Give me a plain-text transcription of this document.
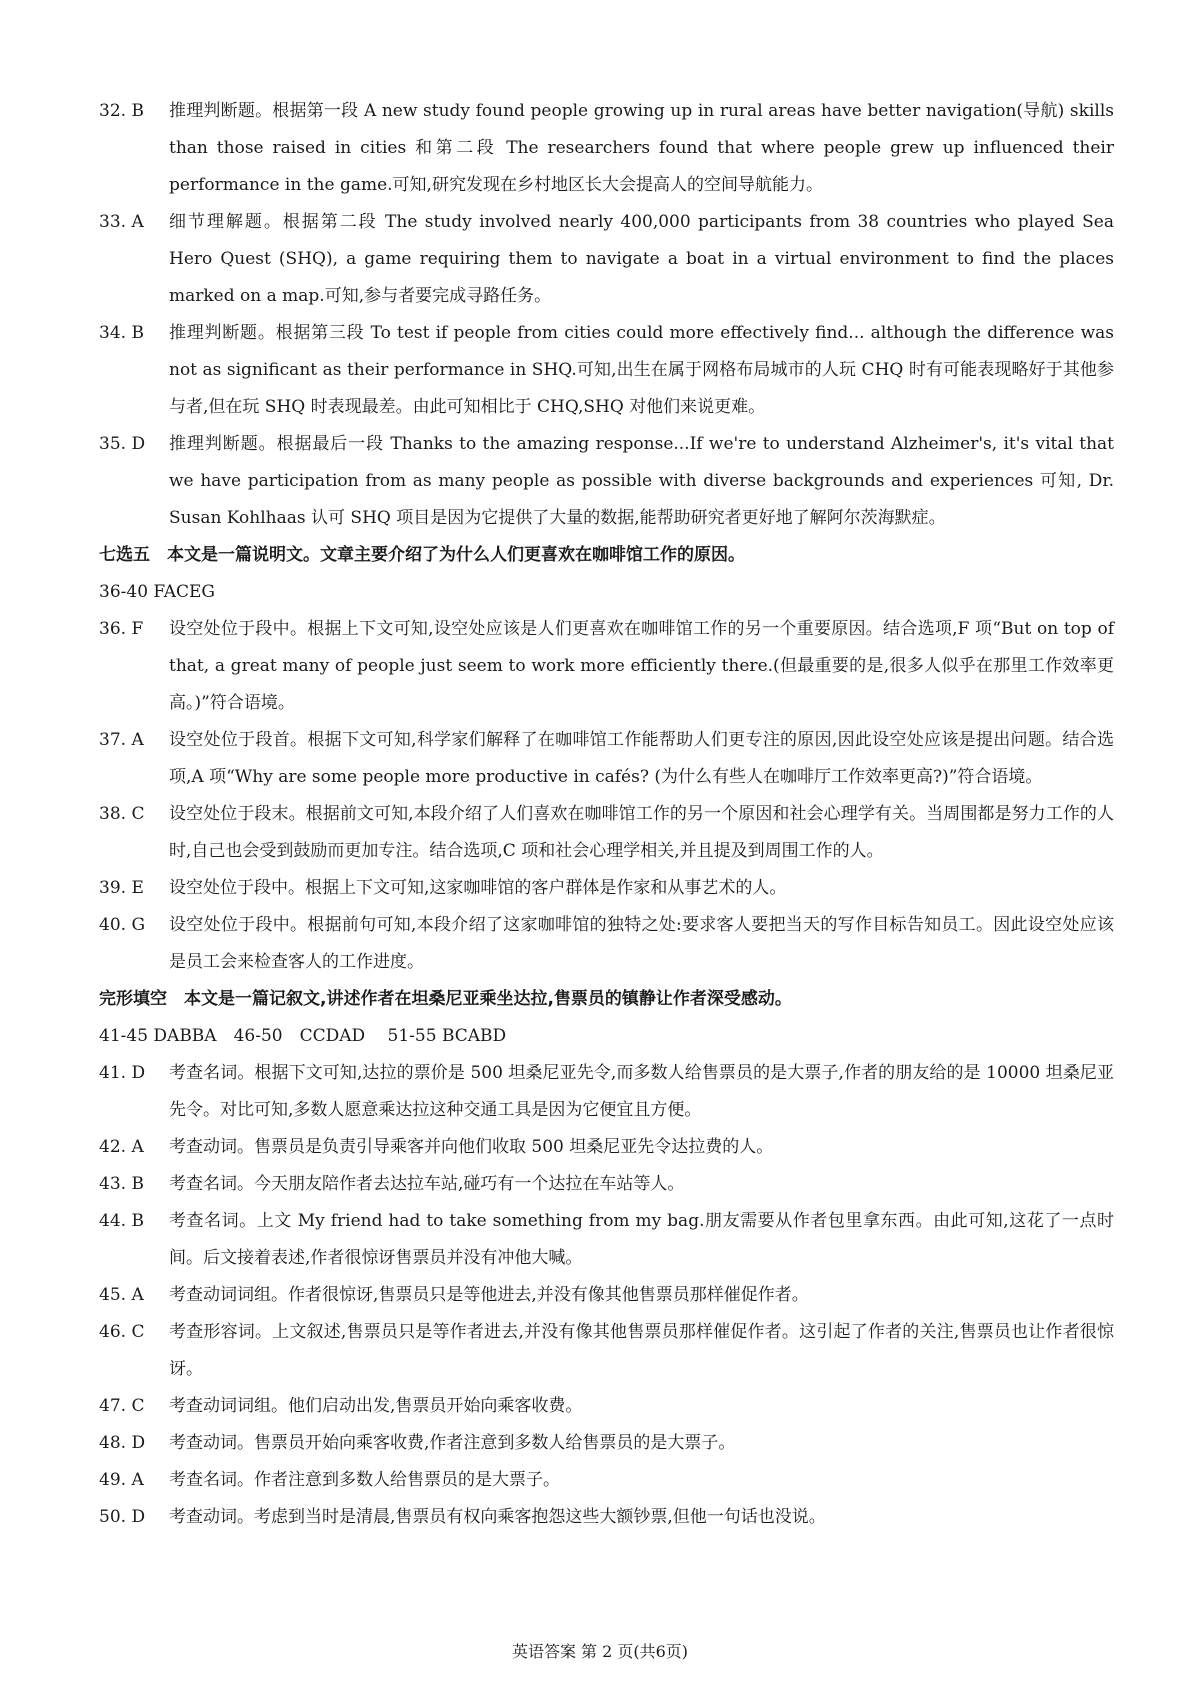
32. B	推理判断题。根据第一段 A new study found people growing up in rural areas have better navigation(导航) skills than those raised in cities 和第二段 The researchers found that where people grew up influenced their performance in the game.可知,研究发现在乡村地区长大会提高人的空间导航能力。
33. A	细节理解题。根据第二段 The study involved nearly 400,000 participants from 38 countries who played Sea Hero Quest (SHQ), a game requiring them to navigate a boat in a virtual environment to find the places marked on a map.可知,参与者要完成寻路任务。
34. B	推理判断题。根据第三段 To test if people from cities could more effectively find... although the difference was not as significant as their performance in SHQ.可知,出生在属于网格布局城市的人玩 CHQ 时有可能表现略好于其他参与者,但在玩 SHQ 时表现最差。由此可知相比于 CHQ,SHQ 对他们来说更难。
35. D	推理判断题。根据最后一段 Thanks to the amazing response...If we're to understand Alzheimer's, it's vital that we have participation from as many people as possible with diverse backgrounds and experiences 可知, Dr. Susan Kohlhaas 认可 SHQ 项目是因为它提供了大量的数据,能帮助研究者更好地了解阿尔茨海默症。

七选五　本文是一篇说明文。文章主要介绍了为什么人们更喜欢在咖啡馆工作的原因。

36-40 FACEG

36. F	设空处位于段中。根据上下文可知,设空处应该是人们更喜欢在咖啡馆工作的另一个重要原因。结合选项,F 项“But on top of that, a great many of people just seem to work more efficiently there.(但最重要的是,很多人似乎在那里工作效率更高。)”符合语境。
37. A	设空处位于段首。根据下文可知,科学家们解释了在咖啡馆工作能帮助人们更专注的原因,因此设空处应该是提出问题。结合选项,A 项“Why are some people more productive in cafés? (为什么有些人在咖啡厅工作效率更高?)”符合语境。
38. C	设空处位于段末。根据前文可知,本段介绍了人们喜欢在咖啡馆工作的另一个原因和社会心理学有关。当周围都是努力工作的人时,自己也会受到鼓励而更加专注。结合选项,C 项和社会心理学相关,并且提及到周围工作的人。
39. E	设空处位于段中。根据上下文可知,这家咖啡馆的客户群体是作家和从事艺术的人。
40. G	设空处位于段中。根据前句可知,本段介绍了这家咖啡馆的独特之处:要求客人要把当天的写作目标告知员工。因此设空处应该是员工会来检查客人的工作进度。

完形填空　本文是一篇记叙文,讲述作者在坦桑尼亚乘坐达拉,售票员的镇静让作者深受感动。

41-45 DABBA　46-50　CCDAD　 51-55 BCABD

41. D	考查名词。根据下文可知,达拉的票价是 500 坦桑尼亚先令,而多数人给售票员的是大票子,作者的朋友给的是 10000 坦桑尼亚先令。对比可知,多数人愿意乘达拉这种交通工具是因为它便宜且方便。
42. A	考查动词。售票员是负责引导乘客并向他们收取 500 坦桑尼亚先令达拉费的人。
43. B	考查名词。今天朋友陪作者去达拉车站,碰巧有一个达拉在车站等人。
44. B	考查名词。上文 My friend had to take something from my bag.朋友需要从作者包里拿东西。由此可知,这花了一点时间。后文接着表述,作者很惊讶售票员并没有冲他大喊。
45. A	考查动词词组。作者很惊讶,售票员只是等他进去,并没有像其他售票员那样催促作者。
46. C	考查形容词。上文叙述,售票员只是等作者进去,并没有像其他售票员那样催促作者。这引起了作者的关注,售票员也让作者很惊讶。
47. C	考查动词词组。他们启动出发,售票员开始向乘客收费。
48. D	考查动词。售票员开始向乘客收费,作者注意到多数人给售票员的是大票子。
49. A	考查名词。作者注意到多数人给售票员的是大票子。
50. D	考查动词。考虑到当时是清晨,售票员有权向乘客抱怨这些大额钞票,但他一句话也没说。
英语答案 第 2 页(共6页)
